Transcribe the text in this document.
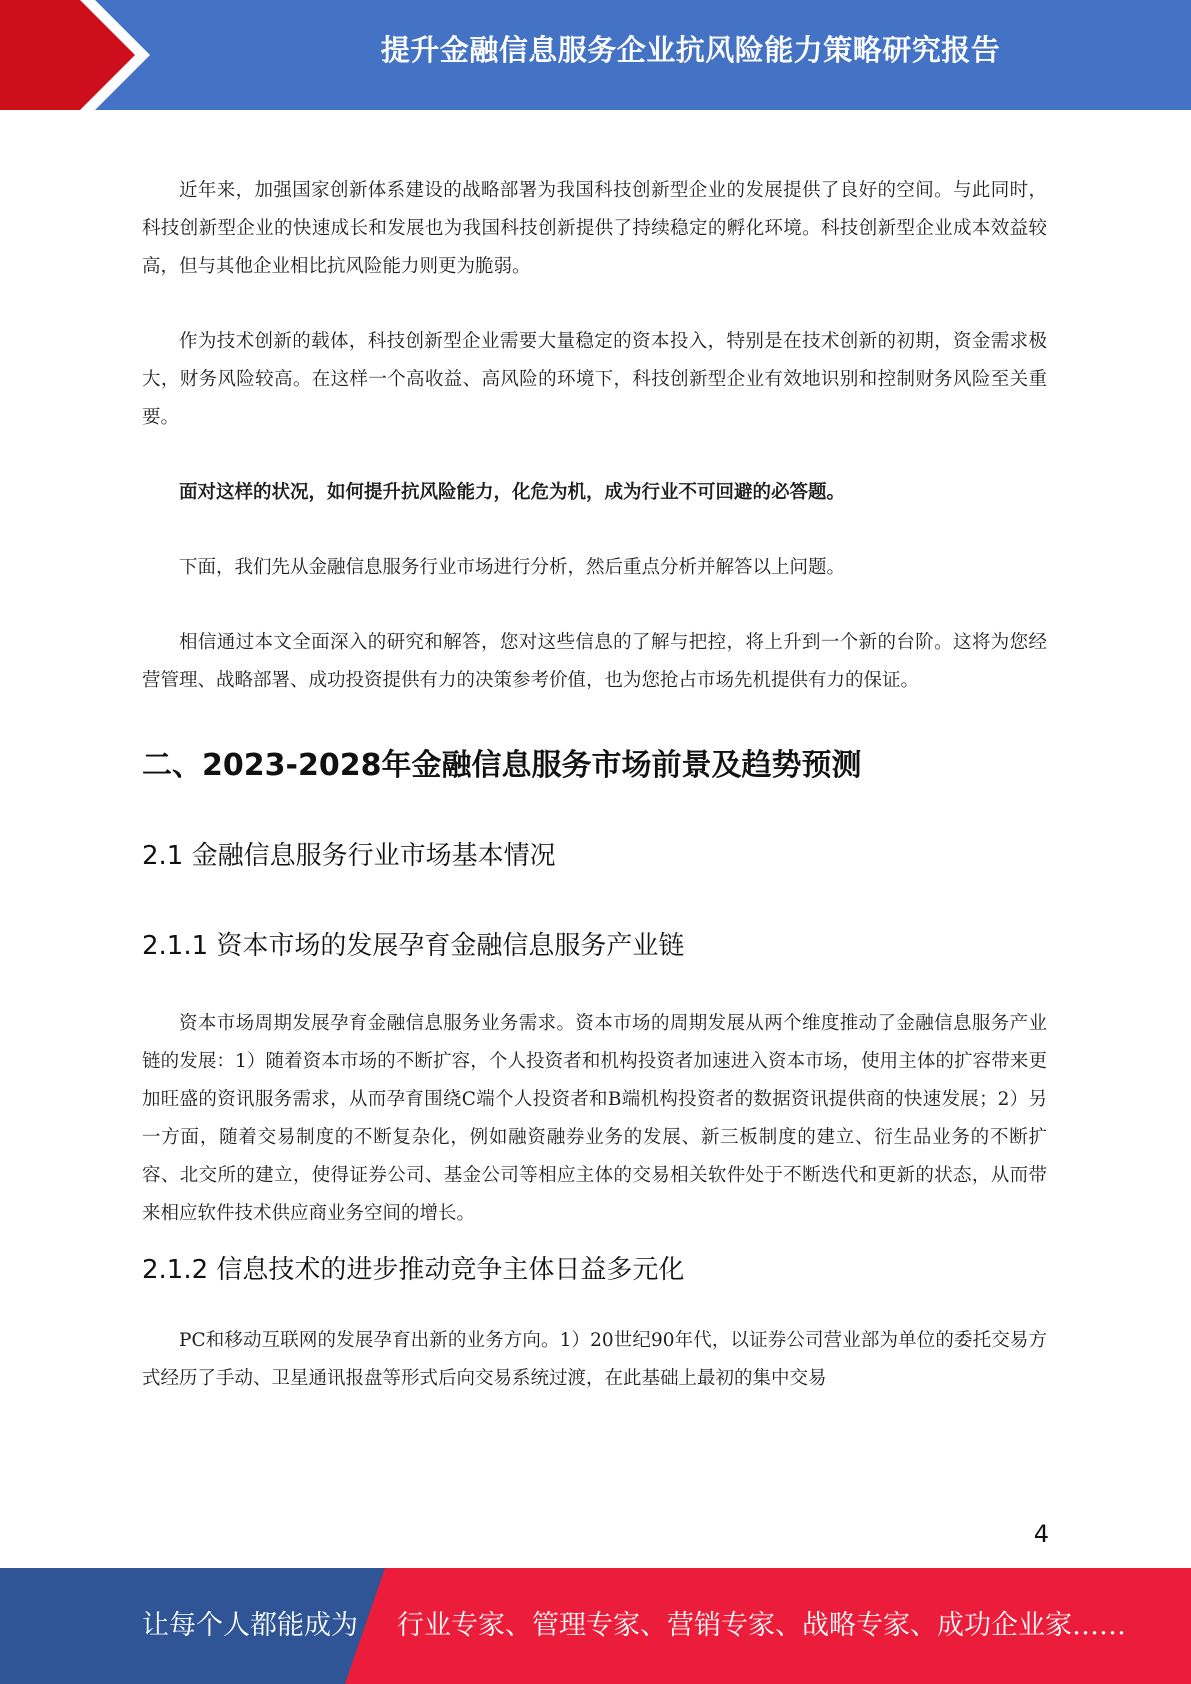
提升金融信息服务企业抗风险能力策略研究报告

近年来，加强国家创新体系建设的战略部署为我国科技创新型企业的发展提供了良好的空间。与此同时，科技创新型企业的快速成长和发展也为我国科技创新提供了持续稳定的孵化环境。科技创新型企业成本效益较高，但与其他企业相比抗风险能力则更为脆弱。

作为技术创新的载体，科技创新型企业需要大量稳定的资本投入，特别是在技术创新的初期，资金需求极大，财务风险较高。在这样一个高收益、高风险的环境下，科技创新型企业有效地识别和控制财务风险至关重要。

面对这样的状况，如何提升抗风险能力，化危为机，成为行业不可回避的必答题。

下面，我们先从金融信息服务行业市场进行分析，然后重点分析并解答以上问题。

相信通过本文全面深入的研究和解答，您对这些信息的了解与把控，将上升到一个新的台阶。这将为您经营管理、战略部署、成功投资提供有力的决策参考价值，也为您抢占市场先机提供有力的保证。

二、2023-2028年金融信息服务市场前景及趋势预测
2.1 金融信息服务行业市场基本情况
2.1.1 资本市场的发展孕育金融信息服务产业链

资本市场周期发展孕育金融信息服务业务需求。资本市场的周期发展从两个维度推动了金融信息服务产业链的发展：1）随着资本市场的不断扩容，个人投资者和机构投资者加速进入资本市场，使用主体的扩容带来更加旺盛的资讯服务需求，从而孕育围绕C端个人投资者和B端机构投资者的数据资讯提供商的快速发展；2）另一方面，随着交易制度的不断复杂化，例如融资融券业务的发展、新三板制度的建立、衍生品业务的不断扩容、北交所的建立，使得证券公司、基金公司等相应主体的交易相关软件处于不断迭代和更新的状态，从而带来相应软件技术供应商业务空间的增长。

2.1.2 信息技术的进步推动竞争主体日益多元化

PC和移动互联网的发展孕育出新的业务方向。1）20世纪90年代，以证券公司营业部为单位的委托交易方式经历了手动、卫星通讯报盘等形式后向交易系统过渡，在此基础上最初的集中交易

4
让每个人都能成为 行业专家、管理专家、营销专家、战略专家、成功企业家……
